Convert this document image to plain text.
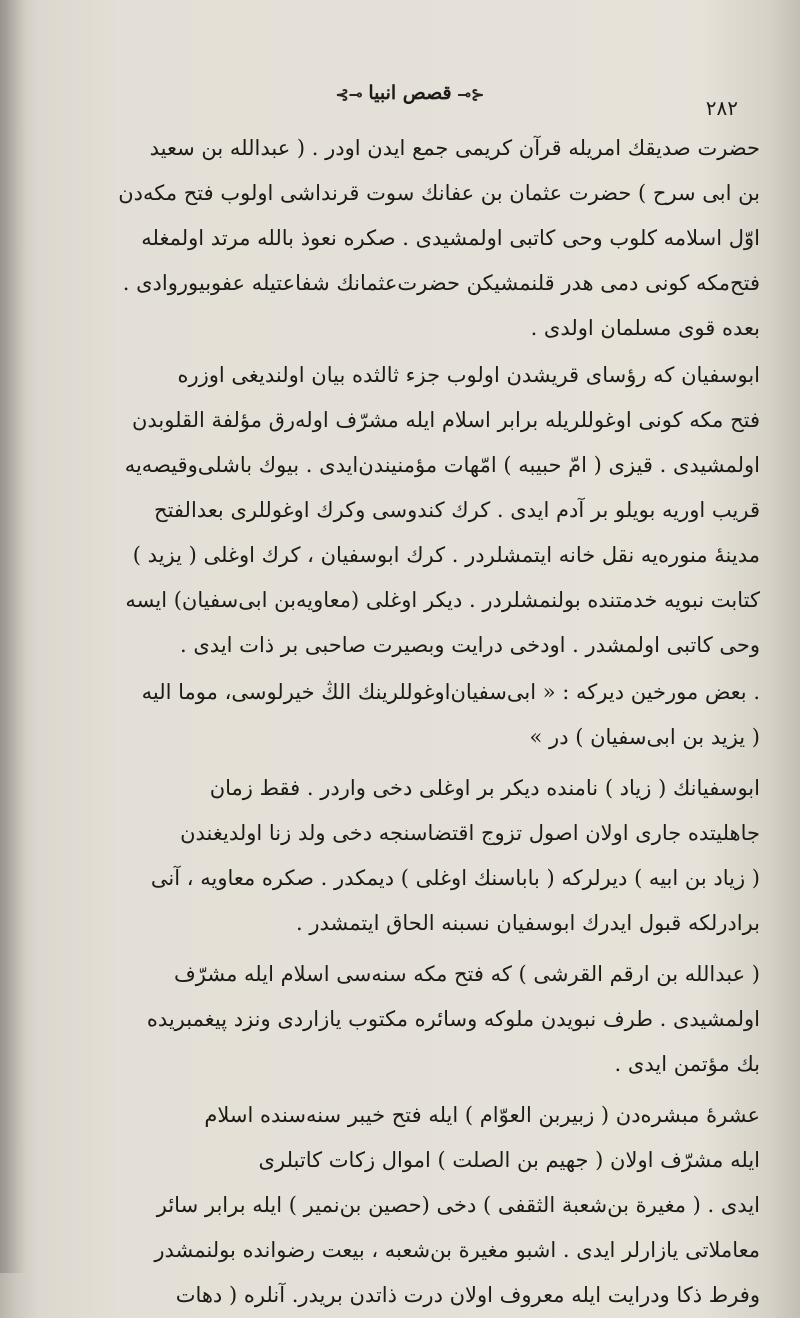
٢٨٢
⊰⟜قصص انبيا⊸⊱

حضرت صديقك امريله قرآن كريمى جمع ايدن اودر . ( عبدالله بن سعيد
بن ابى سرح ) حضرت عثمان بن عفانك سوت قرنداشى اولوب فتح مكه‌دن
اوّل اسلامه كلوب وحى كاتبى اولمشيدى . صكره نعوذ بالله مرتد اولمغله
فتح‌مكه كونى دمى هدر قلنمشيكن حضرت‌عثمانك شفاعتيله عفوبيوروادى .
بعده قوى مسلمان اولدى .

ابوسفيان كه رؤساى قريشدن اولوب جزء ثالثده بيان اولنديغى اوزره
فتح مكه كونى اوغوللريله برابر اسلام ايله مشرّف اوله‌رق مؤلفة القلوبدن
اولمشيدى . قيزى ( امّ حبيبه ) امّهات مؤمنيندن‌ايدى . بيوك باشلى‌وقيصه‌يه
قريب اوريه بويلو بر آدم ايدى . كرك كندوسى وكرك اوغوللرى بعدالفتح
مدينهٔ منوره‌يه نقل خانه ايتمشلردر . كرك ابوسفيان ، كرك اوغلى ( يزيد )
كتابت نبويه خدمتنده بولنمشلردر . ديكر اوغلى (معاويه‌بن ابى‌سفيان) ايسه
وحى كاتبى اولمشدر . اودخى درايت وبصيرت صاحبى بر ذات ايدى .

. بعض مورخين ديركه : « ابى‌سفيان‌اوغوللرينك الڭ خيرلوسى، موما اليه
( يزيد بن ابى‌سفيان ) در »

ابوسفيانك ( زياد ) نامنده ديكر بر اوغلى دخى واردر . فقط زمان
جاهليتده جارى اولان اصول تزوج اقتضاسنجه دخى ولد زنا اولديغندن
( زياد بن ابيه ) ديرلركه ( باباسنك اوغلى ) ديمكدر . صكره معاويه ، آنى
برادرلكه قبول ايدرك ابوسفيان نسبنه الحاق ايتمشدر .

( عبدالله بن ارقم القرشى ) كه فتح مكه سنه‌سى اسلام ايله مشرّف
اولمشيدى . طرف نبويدن ملوكه وسائره مكتوب يازاردى ونزد پيغمبريده
بك مؤتمن ايدى .

عشرهٔ مبشره‌دن ( زبيربن العوّام ) ايله فتح خيبر سنه‌سنده اسلام
ايله مشرّف اولان ( جهيم بن الصلت ) اموال زكات كاتبلرى
ايدى . ( مغيرة بن‌شعبة الثقفى ) دخى (حصين بن‌نمير ) ايله برابر سائر
معاملاتى يازارلر ايدى . اشبو مغيرة بن‌شعبه ، بيعت رضوانده بولنمشدر
وفرط ذكا ودرايت ايله معروف اولان درت ذاتدن بريدر. آنلره ( دهات
